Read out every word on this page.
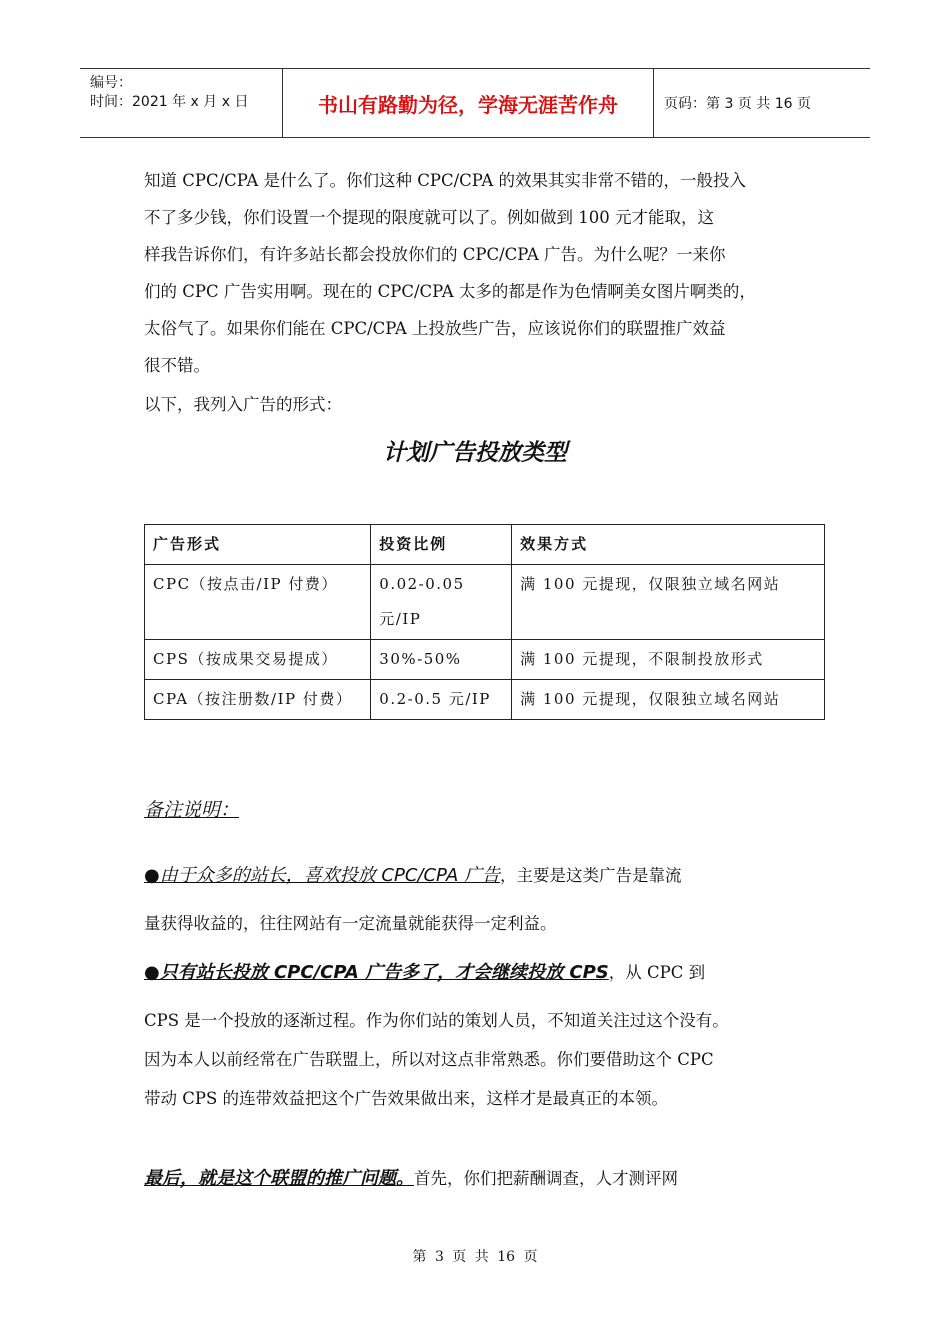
编号：
时间：2021 年 x 月 x 日	书山有路勤为径，学海无涯苦作舟	页码：第 3 页 共 16 页
知道 CPC/CPA 是什么了。你们这种 CPC/CPA 的效果其实非常不错的，一般投入
不了多少钱，你们设置一个提现的限度就可以了。例如做到 100 元才能取，这
样我告诉你们，有许多站长都会投放你们的 CPC/CPA 广告。为什么呢？一来你
们的 CPC 广告实用啊。现在的 CPC/CPA 太多的都是作为色情啊美女图片啊类的，
太俗气了。如果你们能在 CPC/CPA 上投放些广告，应该说你们的联盟推广效益
很不错。
以下，我列入广告的形式：
计划广告投放类型
广告形式	投资比例	效果方式
CPC（按点击/IP 付费）	0.02-0.05 元/IP	满 100 元提现，仅限独立域名网站
CPS（按成果交易提成）	30%-50%	满 100 元提现，不限制投放形式
CPA（按注册数/IP 付费）	0.2-0.5 元/IP	满 100 元提现，仅限独立域名网站
备注说明：
●由于众多的站长，喜欢投放 CPC/CPA 广告，主要是这类广告是靠流
量获得收益的，往往网站有一定流量就能获得一定利益。
●只有站长投放 CPC/CPA 广告多了，才会继续投放 CPS，从 CPC 到
CPS 是一个投放的逐渐过程。作为你们站的策划人员，不知道关注过这个没有。
因为本人以前经常在广告联盟上，所以对这点非常熟悉。你们要借助这个 CPC
带动 CPS 的连带效益把这个广告效果做出来，这样才是最真正的本领。
最后，就是这个联盟的推广问题。首先，你们把薪酬调查，人才测评网
第 3 页 共 16 页
